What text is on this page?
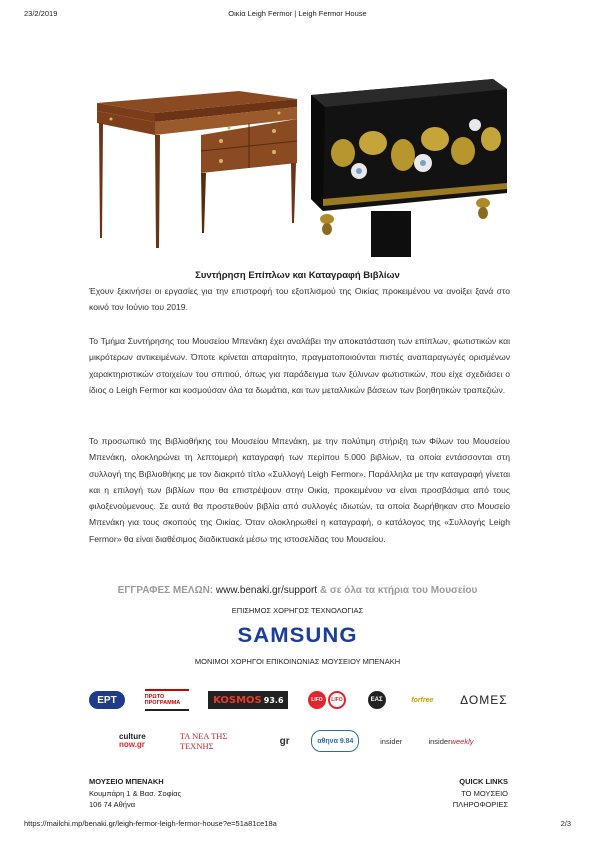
23/2/2019	Οικία Leigh Fermor | Leigh Fermor House
Συντήρηση Επίπλων και Καταγραφή Βιβλίων

Έχουν ξεκινήσει οι εργασίες για την επιστροφή του εξοπλισμού της Οικίας προκειμένου να ανοίξει ξανά στο κοινό τον Ιούνιο του 2019.

Το Τμήμα Συντήρησης του Μουσείου Μπενάκη έχει αναλάβει την αποκατάσταση των επίπλων, φωτιστικών και μικρότερων αντικειμένων. Όποτε κρίνεται απαραίτητο, πραγματοποιούνται πιστές αναπαραγωγές ορισμένων χαρακτηριστικών στοιχείων του σπιτιού, όπως για παράδειγμα των ξύλινων φωτιστικών, που είχε σχεδιάσει ο ίδιος ο Leigh Fermor και κοσμούσαν όλα τα δωμάτια, και των μεταλλικών βάσεων των βοηθητικών τραπεζιών.

Το προσωπικό της Βιβλιοθήκης του Μουσείου Μπενάκη, με την πολύτιμη στήριξη των Φίλων του Μουσείου Μπενάκη, ολοκληρώνει τη λεπτομερή καταγραφή των περίπου 5.000 βιβλίων, τα οποία εντάσσονται στη συλλογή της Βιβλιοθήκης με τον διακριτό τίτλο «Συλλογή Leigh Fermor». Παράλληλα με την καταγραφή γίνεται και η επιλογή των βιβλίων που θα επιστρέψουν στην Οικία, προκειμένου να είναι προσβάσιμα από τους φιλοξενούμενους. Σε αυτά θα προστεθούν βιβλία από συλλογές ιδιωτών, τα οποία δωρήθηκαν στο Μουσείο Μπενάκη για τους σκοπούς της Οικίας. Όταν ολοκληρωθεί η καταγραφή, ο κατάλογος της «Συλλογής Leigh Fermor» θα είναι διαθέσιμος διαδικτυακά μέσω της ιστοσελίδας του Μουσείου.

ΕΓΓΡΑΦΕΣ ΜΕΛΩΝ: www.benaki.gr/support & σε όλα τα κτήρια του Μουσείου
ΕΠΙΣΗΜΟΣ ΧΟΡΗΓΟΣ ΤΕΧΝΟΛΟΓΙΑΣ
SAMSUNG
ΜΟΝΙΜΟΙ ΧΟΡΗΓΟΙ ΕΠΙΚΟΙΝΩΝΙΑΣ ΜΟΥΣΕΙΟΥ ΜΠΕΝΑΚΗ
ΕΡΤ	ΠΡΩΤΟ ΠΡΟΓΡΑΜΜΑ	KOSMOS 93.6	LIFO	LIFO	ΕΑΣ	forfree	ΔΟΜΕΣ
culture
now.gr
ΤΑ ΝΕΑ ΤΗΣ ΤΕΧΝΗΣ	gr	αθηνα 9.84	insider	insider weekly
ΜΟΥΣΕΙΟ ΜΠΕΝΑΚΗ
Κουμπάρη 1 & Βασ. Σοφίας
106 74 Αθήνα
QUICK LINKS
ΤΟ ΜΟΥΣΕΙΟ
ΠΛΗΡΟΦΟΡΙΕΣ
https://mailchi.mp/benaki.gr/leigh-fermor-leigh-fermor-house?e=51a81ce18a	2/3
